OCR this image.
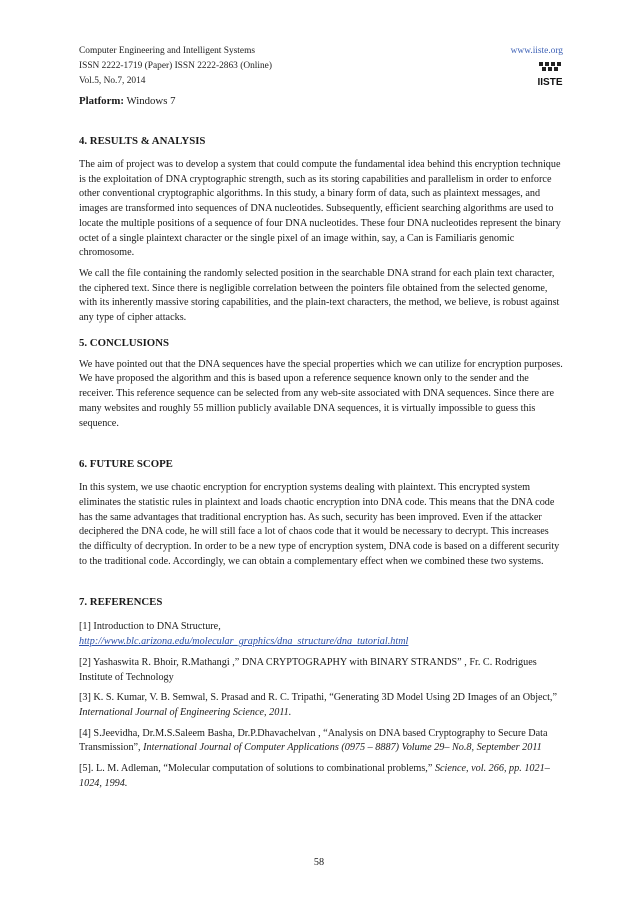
Computer Engineering and Intelligent Systems
ISSN 2222-1719 (Paper) ISSN 2222-2863 (Online)
Vol.5, No.7, 2014
www.iiste.org
IISTE

Platform: Windows 7

4. RESULTS & ANALYSIS

The aim of project was to develop a system that could compute the fundamental idea behind this encryption technique is the exploitation of DNA cryptographic strength, such as its storing capabilities and parallelism in order to enforce other conventional cryptographic algorithms. In this study, a binary form of data, such as plaintext messages, and images are transformed into sequences of DNA nucleotides. Subsequently, efficient searching algorithms are used to locate the multiple positions of a sequence of four DNA nucleotides. These four DNA nucleotides represent the binary octet of a single plaintext character or the single pixel of an image within, say, a Can is Familiaris genomic chromosome.

We call the file containing the randomly selected position in the searchable DNA strand for each plain text character, the ciphered text. Since there is negligible correlation between the pointers file obtained from the selected genome, with its inherently massive storing capabilities, and the plain-text characters, the method, we believe, is robust against any type of cipher attacks.

5. CONCLUSIONS

We have pointed out that the DNA sequences have the special properties which we can utilize for encryption purposes. We have proposed the algorithm and this is based upon a reference sequence known only to the sender and the receiver. This reference sequence can be selected from any web-site associated with DNA sequences. Since there are many websites and roughly 55 million publicly available DNA sequences, it is virtually impossible to guess this sequence.

6. FUTURE SCOPE

In this system, we use chaotic encryption for encryption systems dealing with plaintext. This encrypted system eliminates the statistic rules in plaintext and loads chaotic encryption into DNA code. This means that the DNA code has the same advantages that traditional encryption has. As such, security has been improved. Even if the attacker deciphered the DNA code, he will still face a lot of chaos code that it would be necessary to decrypt. This increases the difficulty of decryption. In order to be a new type of encryption system, DNA code is based on a different security to the traditional code. Accordingly, we can obtain a complementary effect when we combined these two systems.

7. REFERENCES
[1] Introduction to DNA Structure,
http://www.blc.arizona.edu/molecular_graphics/dna_structure/dna_tutorial.html
[2] Yashaswita R. Bhoir, R.Mathangi ,” DNA CRYPTOGRAPHY with BINARY STRANDS” , Fr. C. Rodrigues Institute of Technology
[3] K. S. Kumar, V. B. Semwal, S. Prasad and R. C. Tripathi, “Generating 3D Model Using 2D Images of an Object,” International Journal of Engineering Science, 2011.
[4] S.Jeevidha, Dr.M.S.Saleem Basha, Dr.P.Dhavachelvan , “Analysis on DNA based Cryptography to Secure Data Transmission”, International Journal of Computer Applications (0975 – 8887) Volume 29– No.8, September 2011
[5]. L. M. Adleman, “Molecular computation of solutions to combinational problems,” Science, vol. 266, pp. 1021–1024, 1994.
58
